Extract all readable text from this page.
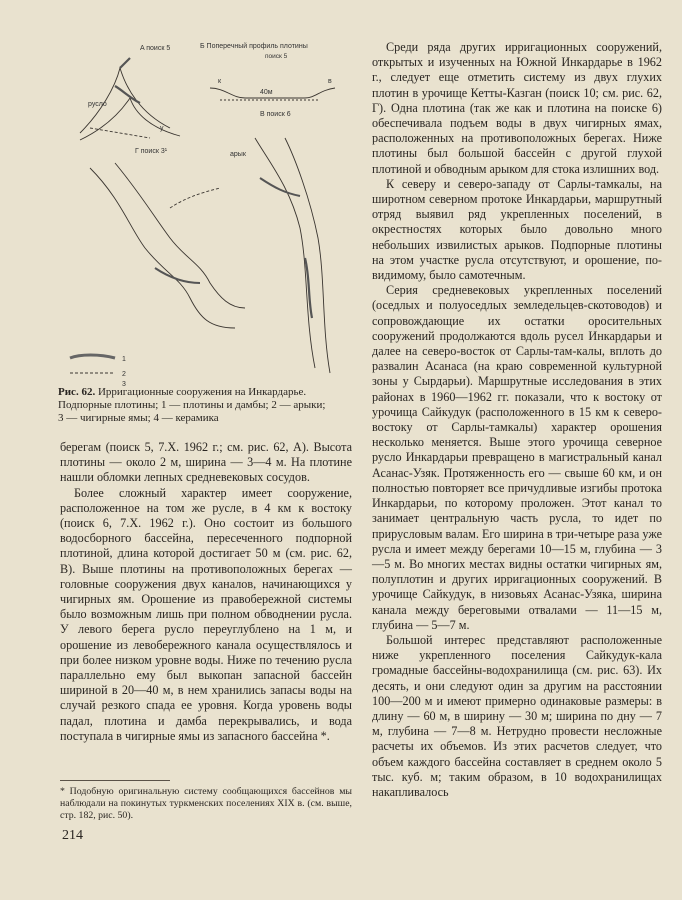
A поиск 5	Б Поперечный профиль плотины
поиск 5
В поиск 6
Г поиск 3¹
40м
к	в
арык
русло
у
1
2
3
Рис. 62. Ирригационные сооружения на Инкардарье.
Подпорные плотины; 1 — плотины и дамбы; 2 — арыки;
3 — чигирные ямы; 4 — керамика

берегам (поиск 5, 7.Х. 1962 г.; см. рис. 62, А). Высота плотины — около 2 м, ширина — 3—4 м. На плотине нашли обломки лепных средневековых сосудов.

Более сложный характер имеет сооружение, расположенное на том же русле, в 4 км к востоку (поиск 6, 7.Х. 1962 г.). Оно состоит из большого водосборного бассейна, пересеченного подпорной плотиной, длина которой достигает 50 м (см. рис. 62, В). Выше плотины на противоположных берегах — головные сооружения двух каналов, начинающихся у чигирных ям. Орошение из правобережной системы было возможным лишь при полном обводнении русла. У левого берега русло переуглублено на 1 м, и орошение из левобережного канала осуществлялось и при более низком уровне воды. Ниже по течению русла параллельно ему был выкопан запасной бассейн шириной в 20—40 м, в нем хранились запасы воды на случай резкого спада ее уровня. Когда уровень воды падал, плотина и дамба перекрывались, и вода поступала в чигирные ямы из запасного бассейна *.

* Подобную оригинальную систему сообщающихся бассейнов мы наблюдали на покинутых туркменских поселениях XIX в. (см. выше, стр. 182, рис. 50).
214

Среди ряда других ирригационных сооружений, открытых и изученных на Южной Инкардарье в 1962 г., следует еще отметить систему из двух глухих плотин в урочище Кетты-Казган (поиск 10; см. рис. 62, Г). Одна плотина (так же как и плотина на поиске 6) обеспечивала подъем воды в двух чигирных ямах, расположенных на противоположных берегах. Ниже плотины был большой бассейн с другой глухой плотиной и обводным арыком для стока излишних вод.

К северу и северо-западу от Сарлы-тамкалы, на широтном северном протоке Инкардарьи, маршрутный отряд выявил ряд укрепленных поселений, в окрестностях которых было довольно много небольших извилистых арыков. Подпорные плотины на этом участке русла отсутствуют, и орошение, по-видимому, было самотечным.

Серия средневековых укрепленных поселений (оседлых и полуоседлых земледельцев-скотоводов) и сопровождающие их остатки оросительных сооружений продолжаются вдоль русел Инкардарьи и далее на северо-восток от Сарлы-там-калы, вплоть до развалин Асанаса (на краю современной культурной зоны у Сырдарьи). Маршрутные исследования в этих районах в 1960—1962 гг. показали, что к востоку от урочища Сайкудук (расположенного в 15 км к северо-востоку от Сарлы-тамкалы) характер орошения несколько меняется. Выше этого урочища северное русло Инкардарьи превращено в магистральный канал Асанас-Узяк. Протяженность его — свыше 60 км, и он полностью повторяет все причудливые изгибы протока Инкардарьи, по которому проложен. Этот канал то занимает центральную часть русла, то идет по прирусловым валам. Его ширина в три-четыре раза уже русла и имеет между берегами 10—15 м, глубина — 3—5 м. Во многих местах видны остатки чигирных ям, полуплотин и других ирригационных сооружений. В урочище Сайкудук, в низовьях Асанас-Узяка, ширина канала между береговыми отвалами — 11—15 м, глубина — 5—7 м.

Большой интерес представляют расположенные ниже укрепленного поселения Сайкудук-кала громадные бассейны-водохранилища (см. рис. 63). Их десять, и они следуют один за другим на расстоянии 100—200 м и имеют примерно одинаковые размеры: в длину — 60 м, в ширину — 30 м; ширина по дну — 7 м, глубина — 7—8 м. Нетрудно провести несложные расчеты их объемов. Из этих расчетов следует, что объем каждого бассейна составляет в среднем около 5 тыс. куб. м; таким образом, в 10 водохранилищах накапливалось
